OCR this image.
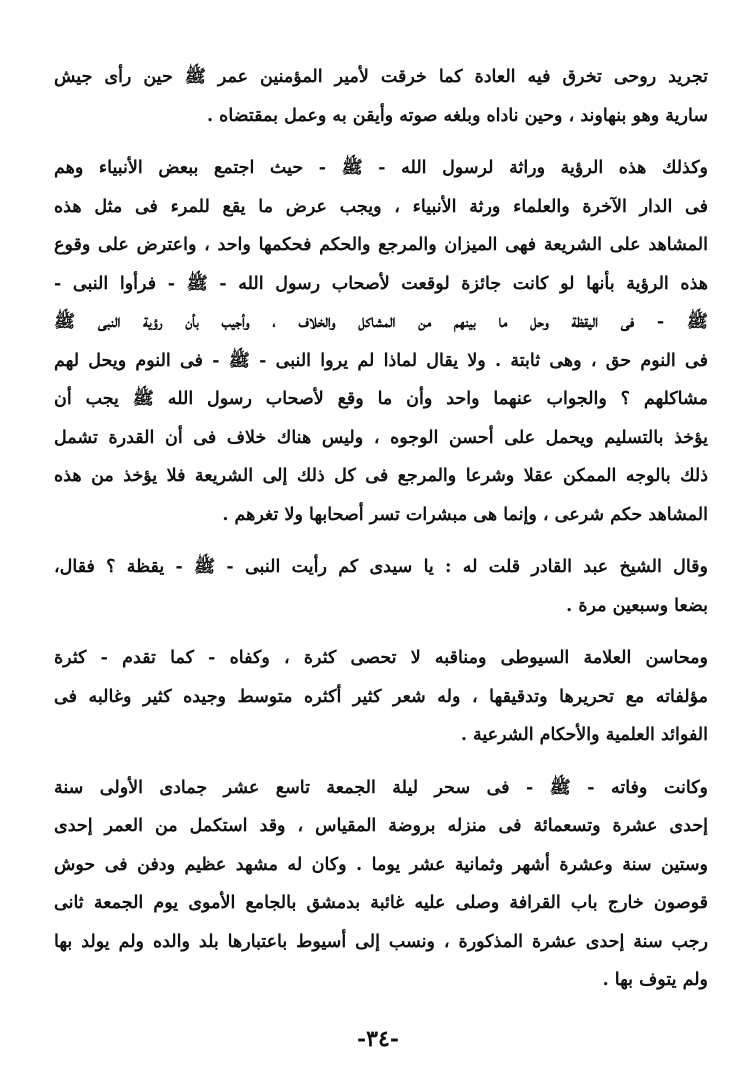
تجريد روحى تخرق فيه العادة كما خرقت لأمير المؤمنين عمر ﷺ حين رأى جيش
سارية وهو بنهاوند ، وحين ناداه وبلغه صوته وأيقن به وعمل بمقتضاه .
وكذلك هذه الرؤية وراثة لرسول الله - ﷺ - حيث اجتمع ببعض الأنبياء وهم
فى الدار الآخرة والعلماء ورثة الأنبياء ، ويجب عرض ما يقع للمرء فى مثل هذه
المشاهد على الشريعة فهى الميزان والمرجع والحكم فحكمها واحد ، واعترض على وقوع
هذه الرؤية بأنها لو كانت جائزة لوقعت لأصحاب رسول الله - ﷺ - فرأوا النبى -
ﷺ - فى اليقظة وحل ما بينهم من المشاكل والخلاف ، وأجيب بأن رؤية النبى ﷺ
فى النوم حق ، وهى ثابتة . ولا يقال لماذا لم يروا النبى - ﷺ - فى النوم ويحل لهم
مشاكلهم ؟ والجواب عنهما واحد وأن ما وقع لأصحاب رسول الله ﷺ يجب أن
يؤخذ بالتسليم ويحمل على أحسن الوجوه ، وليس هناك خلاف فى أن القدرة تشمل
ذلك بالوجه الممكن عقلا وشرعا والمرجع فى كل ذلك إلى الشريعة فلا يؤخذ من هذه
المشاهد حكم شرعى ، وإنما هى مبشرات تسر أصحابها ولا تغرهم .
وقال الشيخ عبد القادر قلت له : يا سيدى كم رأيت النبى - ﷺ - يقظة ؟ فقال،
بضعا وسبعين مرة .
ومحاسن العلامة السيوطى ومناقبه لا تحصى كثرة ، وكفاه - كما تقدم - كثرة
مؤلفاته مع تحريرها وتدقيقها ، وله شعر كثير أكثره متوسط وجيده كثير وغالبه فى
الفوائد العلمية والأحكام الشرعية .
وكانت وفاته - ﷺ - فى سحر ليلة الجمعة تاسع عشر جمادى الأولى سنة
إحدى عشرة وتسعمائة فى منزله بروضة المقياس ، وقد استكمل من العمر إحدى
وستين سنة وعشرة أشهر وثمانية عشر يوما . وكان له مشهد عظيم ودفن فى حوش
قوصون خارج باب القرافة وصلى عليه غائبة بدمشق بالجامع الأموى يوم الجمعة ثانى
رجب سنة إحدى عشرة المذكورة ، ونسب إلى أسيوط باعتبارها بلد والده ولم يولد بها
ولم يتوف بها .
-٣٤-
